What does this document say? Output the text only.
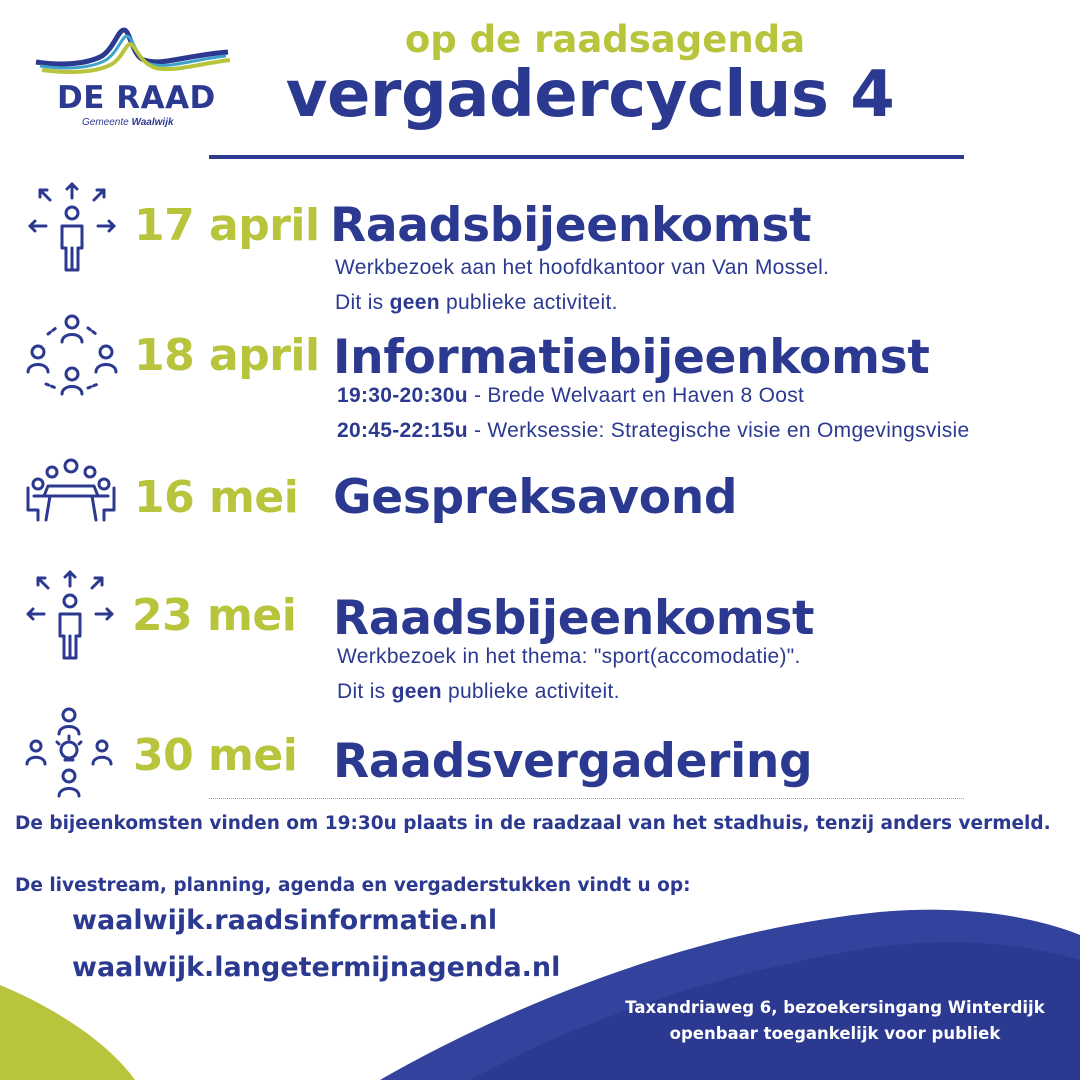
DE RAAD
Gemeente Waalwijk
op de raadsagenda
vergadercyclus 4
17 april Raadsbijeenkomst
Werkbezoek aan het hoofdkantoor van Van Mossel.
Dit is geen publieke activiteit.
18 april Informatiebijeenkomst
19:30-20:30u - Brede Welvaart en Haven 8 Oost
20:45-22:15u - Werksessie: Strategische visie en Omgevingsvisie
16 mei Gespreksavond
23 mei Raadsbijeenkomst
Werkbezoek in het thema: "sport(accomodatie)".
Dit is geen publieke activiteit.
30 mei Raadsvergadering
De bijeenkomsten vinden om 19:30u plaats in de raadzaal van het stadhuis, tenzij anders vermeld.
De livestream, planning, agenda en vergaderstukken vindt u op:
waalwijk.raadsinformatie.nl
waalwijk.langetermijnagenda.nl
Taxandriaweg 6, bezoekersingang Winterdijk
openbaar toegankelijk voor publiek
